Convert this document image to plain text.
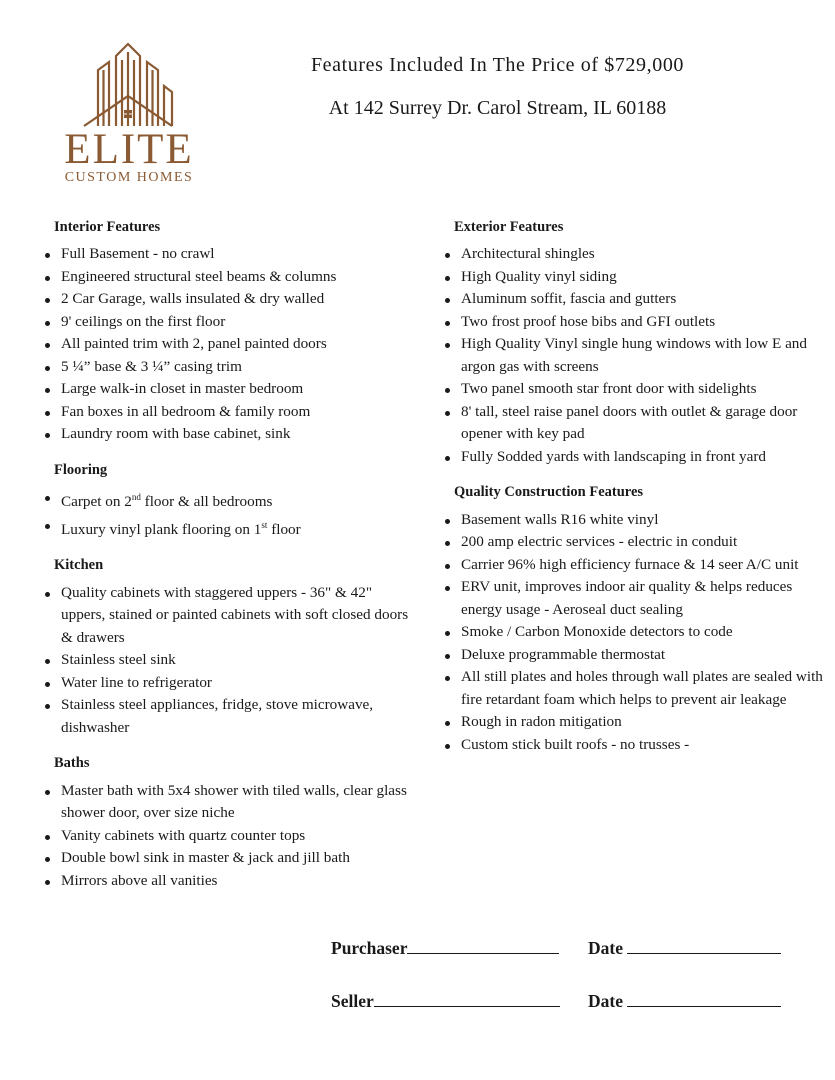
ELITE
CUSTOM HOMES
Features Included In The Price of $729,000
At 142 Surrey Dr. Carol Stream, IL 60188
Interior Features
Full Basement - no crawl
Engineered structural steel beams & columns
2 Car Garage, walls insulated & dry walled
9' ceilings on the first floor
All painted trim with 2, panel painted doors
5 ¼” base & 3 ¼” casing trim
Large walk-in closet in master bedroom
Fan boxes in all bedroom & family room
Laundry room with base cabinet, sink
Flooring
Carpet on 2nd floor & all bedrooms
Luxury vinyl plank flooring on 1st floor
Kitchen
Quality cabinets with staggered uppers - 36" & 42" uppers, stained or painted cabinets with soft closed doors & drawers
Stainless steel sink
Water line to refrigerator
Stainless steel appliances, fridge, stove microwave, dishwasher
Baths
Master bath with 5x4 shower with tiled walls, clear glass shower door, over size niche
Vanity cabinets with quartz counter tops
Double bowl sink in master & jack and jill bath
Mirrors above all vanities
Exterior Features
Architectural shingles
High Quality vinyl siding
Aluminum soffit, fascia and gutters
Two frost proof hose bibs and GFI outlets
High Quality Vinyl single hung windows with low E and argon gas with screens
Two panel smooth star front door with sidelights
8' tall, steel raise panel doors with outlet & garage door opener with key pad
Fully Sodded yards with landscaping in front yard
Quality Construction Features
Basement walls R16 white vinyl
200 amp electric services - electric in conduit
Carrier 96% high efficiency furnace & 14 seer A/C unit
ERV unit, improves indoor air quality & helps reduces energy usage - Aeroseal duct sealing
Smoke / Carbon Monoxide detectors to code
Deluxe programmable thermostat
All still plates and holes through wall plates are sealed with fire retardant foam which helps to prevent air leakage
Rough in radon mitigation
Custom stick built roofs - no trusses -
Purchaser	Date
Seller	Date
